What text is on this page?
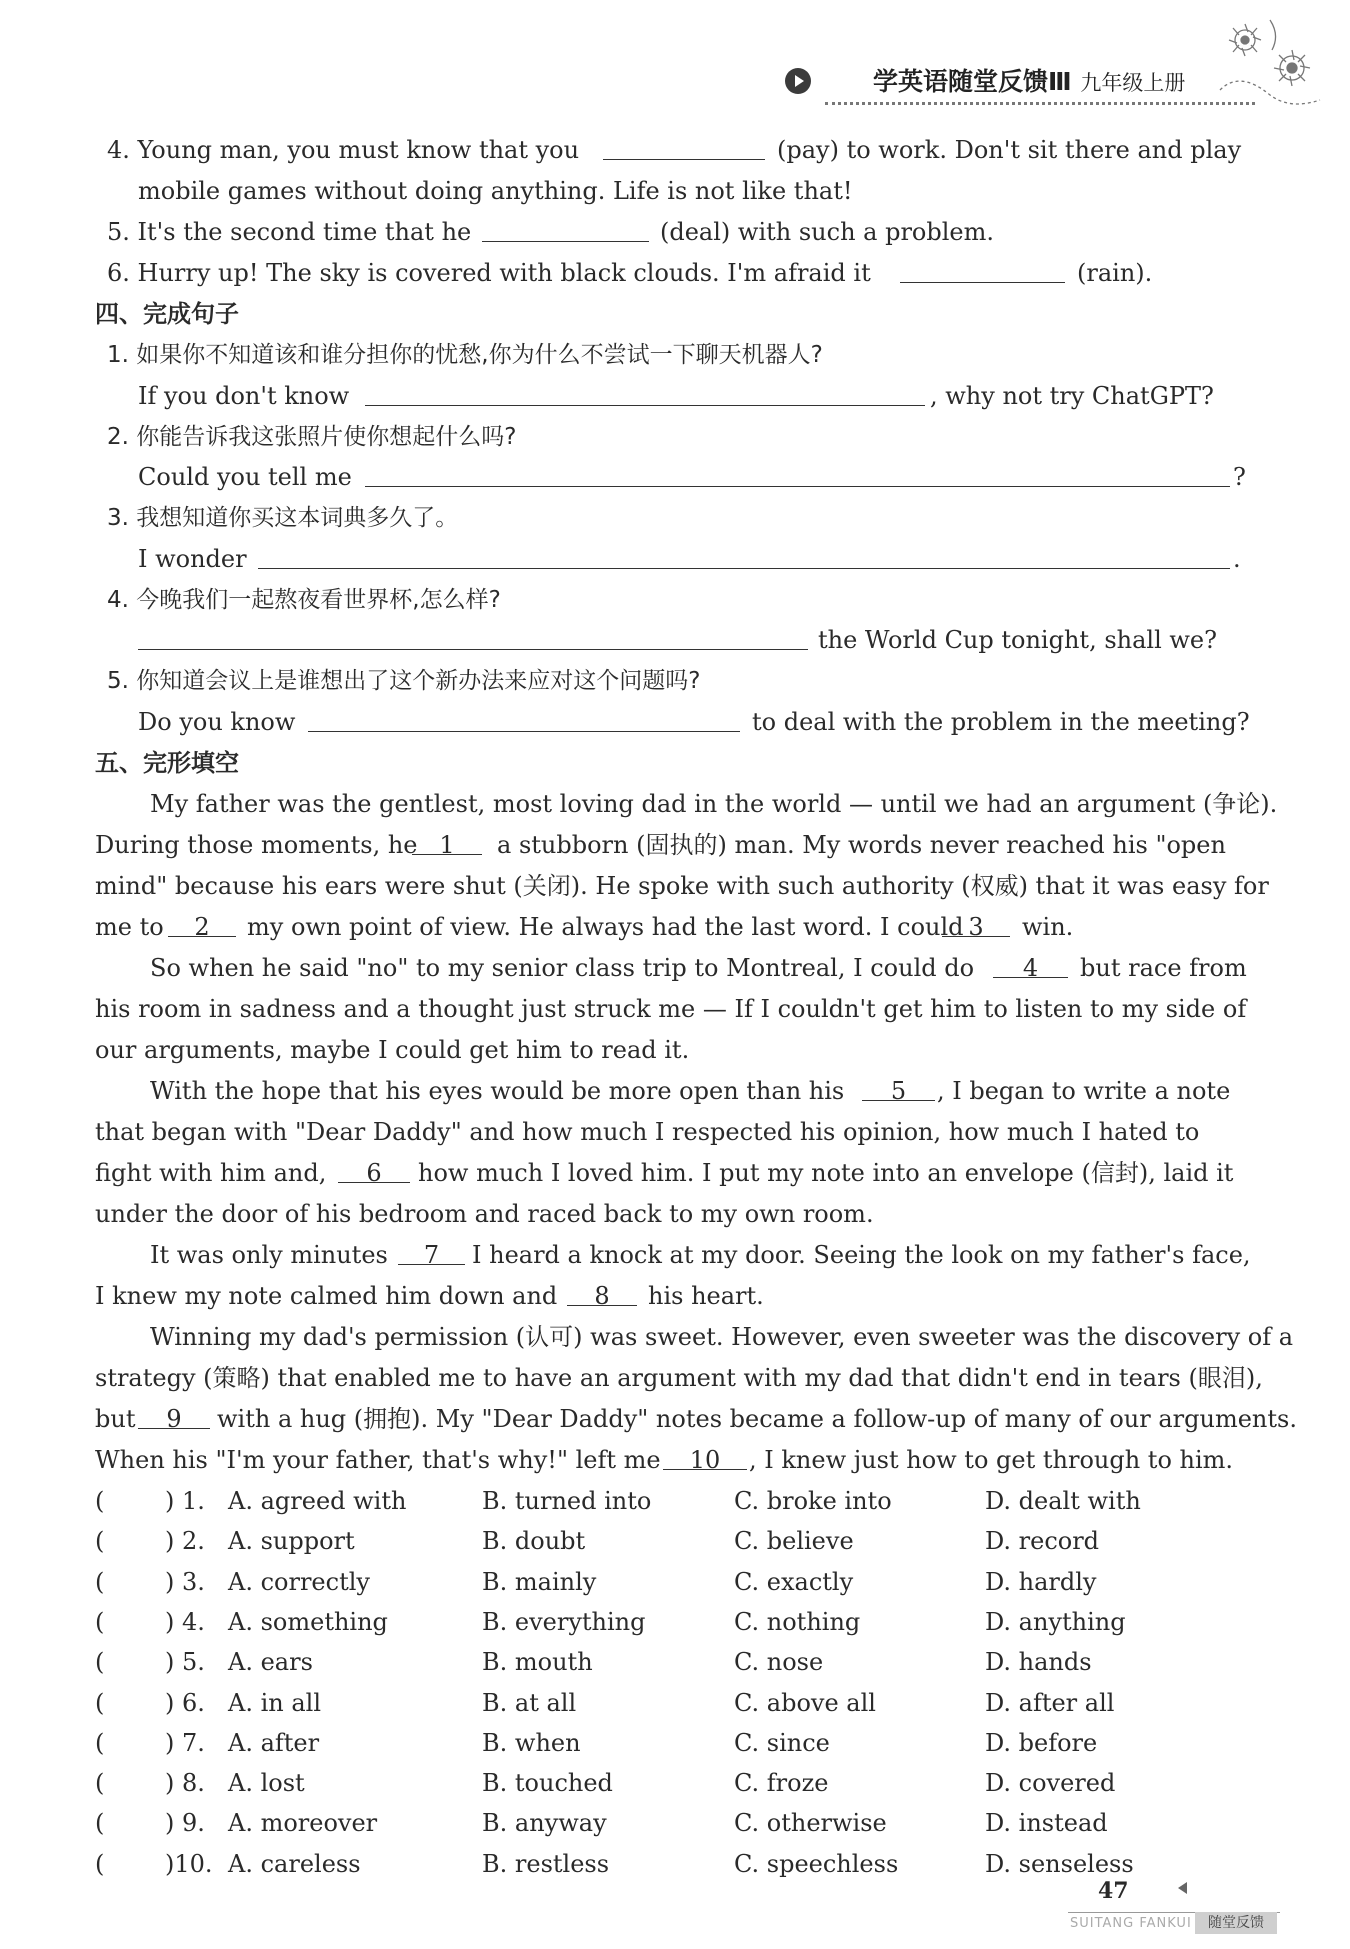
学英语随堂反馈Ⅲ 九年级上册
4. Young man, you must know that you	(pay) to work. Don't sit there and play
mobile games without doing anything. Life is not like that!
5. It's the second time that he	(deal) with such a problem.
6. Hurry up! The sky is covered with black clouds. I'm afraid it	(rain).
四、完成句子
1. 如果你不知道该和谁分担你的忧愁,你为什么不尝试一下聊天机器人?
If you don't know	, why not try ChatGPT?
2. 你能告诉我这张照片使你想起什么吗?
Could you tell me	?
3. 我想知道你买这本词典多久了。
I wonder	.
4. 今晚我们一起熬夜看世界杯,怎么样?
the World Cup tonight, shall we?
5. 你知道会议上是谁想出了这个新办法来应对这个问题吗?
Do you know	to deal with the problem in the meeting?
五、完形填空
My father was the gentlest, most loving dad in the world — until we had an argument (争论).
During those moments, he 1	a stubborn (固执的) man. My words never reached his "open
mind" because his ears were shut (关闭). He spoke with such authority (权威) that it was easy for
me to	2	my own point of view. He always had the last word. I could 3	win.
So when he said "no" to my senior class trip to Montreal, I could do	4	but race from
his room in sadness and a thought just struck me — If I couldn't get him to listen to my side of
our arguments, maybe I could get him to read it.
With the hope that his eyes would be more open than his	5	, I began to write a note
that began with "Dear Daddy" and how much I respected his opinion, how much I hated to
fight with him and,	6	how much I loved him. I put my note into an envelope (信封), laid it
under the door of his bedroom and raced back to my own room.
It was only minutes	7	I heard a knock at my door. Seeing the look on my father's face,
I knew my note calmed him down and	8	his heart.
Winning my dad's permission (认可) was sweet. However, even sweeter was the discovery of a
strategy (策略) that enabled me to have an argument with my dad that didn't end in tears (眼泪),
but	9	with a hug (拥抱). My "Dear Daddy" notes became a follow-up of many of our arguments.
When his "I'm your father, that's why!" left me	10	, I knew just how to get through to him.
(	) 1. A. agreed with	B. turned into	C. broke into	D. dealt with
(	) 2. A. support	B. doubt	C. believe	D. record
(	) 3. A. correctly	B. mainly	C. exactly	D. hardly
(	) 4. A. something	B. everything	C. nothing	D. anything
(	) 5. A. ears	B. mouth	C. nose	D. hands
(	) 6. A. in all	B. at all	C. above all	D. after all
(	) 7. A. after	B. when	C. since	D. before
(	) 8. A. lost	B. touched	C. froze	D. covered
(	) 9. A. moreover	B. anyway	C. otherwise	D. instead
(	)10. A. careless	B. restless	C. speechless	D. senseless
47
SUITANG FANKUI	随堂反馈
